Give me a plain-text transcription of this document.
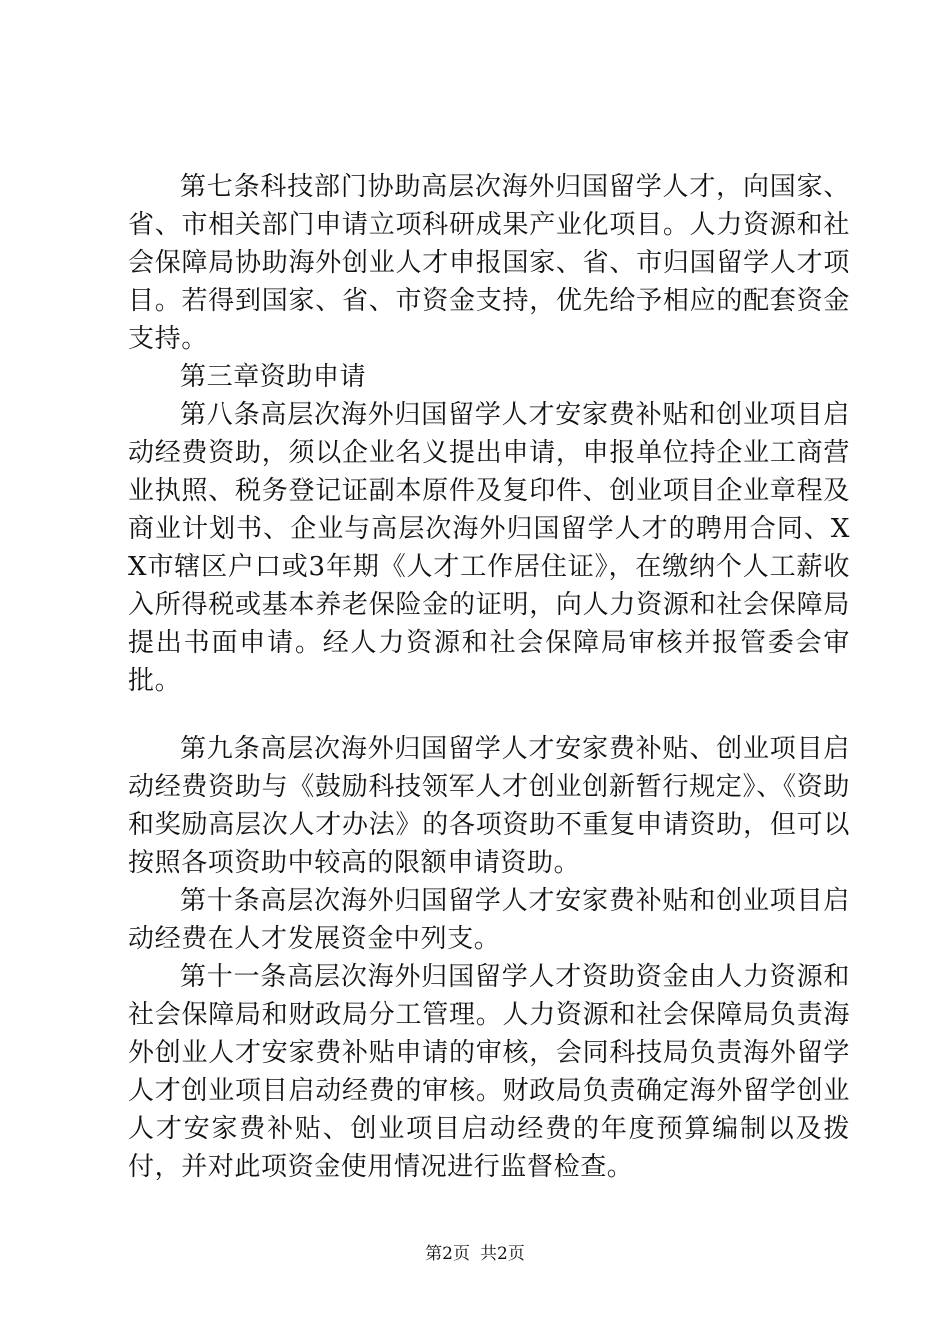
第七条科技部门协助高层次海外归国留学人才，向国家、省、市相关部门申请立项科研成果产业化项目。人力资源和社会保障局协助海外创业人才申报国家、省、市归国留学人才项目。若得到国家、省、市资金支持，优先给予相应的配套资金支持。

第三章资助申请

第八条高层次海外归国留学人才安家费补贴和创业项目启动经费资助，须以企业名义提出申请，申报单位持企业工商营业执照、税务登记证副本原件及复印件、创业项目企业章程及商业计划书、企业与高层次海外归国留学人才的聘用合同、XX市辖区户口或3年期《人才工作居住证》，在缴纳个人工薪收入所得税或基本养老保险金的证明，向人力资源和社会保障局提出书面申请。经人力资源和社会保障局审核并报管委会审批。

第九条高层次海外归国留学人才安家费补贴、创业项目启动经费资助与《鼓励科技领军人才创业创新暂行规定》、《资助和奖励高层次人才办法》的各项资助不重复申请资助，但可以按照各项资助中较高的限额申请资助。

第十条高层次海外归国留学人才安家费补贴和创业项目启动经费在人才发展资金中列支。

第十一条高层次海外归国留学人才资助资金由人力资源和社会保障局和财政局分工管理。人力资源和社会保障局负责海外创业人才安家费补贴申请的审核，会同科技局负责海外留学人才创业项目启动经费的审核。财政局负责确定海外留学创业人才安家费补贴、创业项目启动经费的年度预算编制以及拨付，并对此项资金使用情况进行监督检查。

第2页 共2页
